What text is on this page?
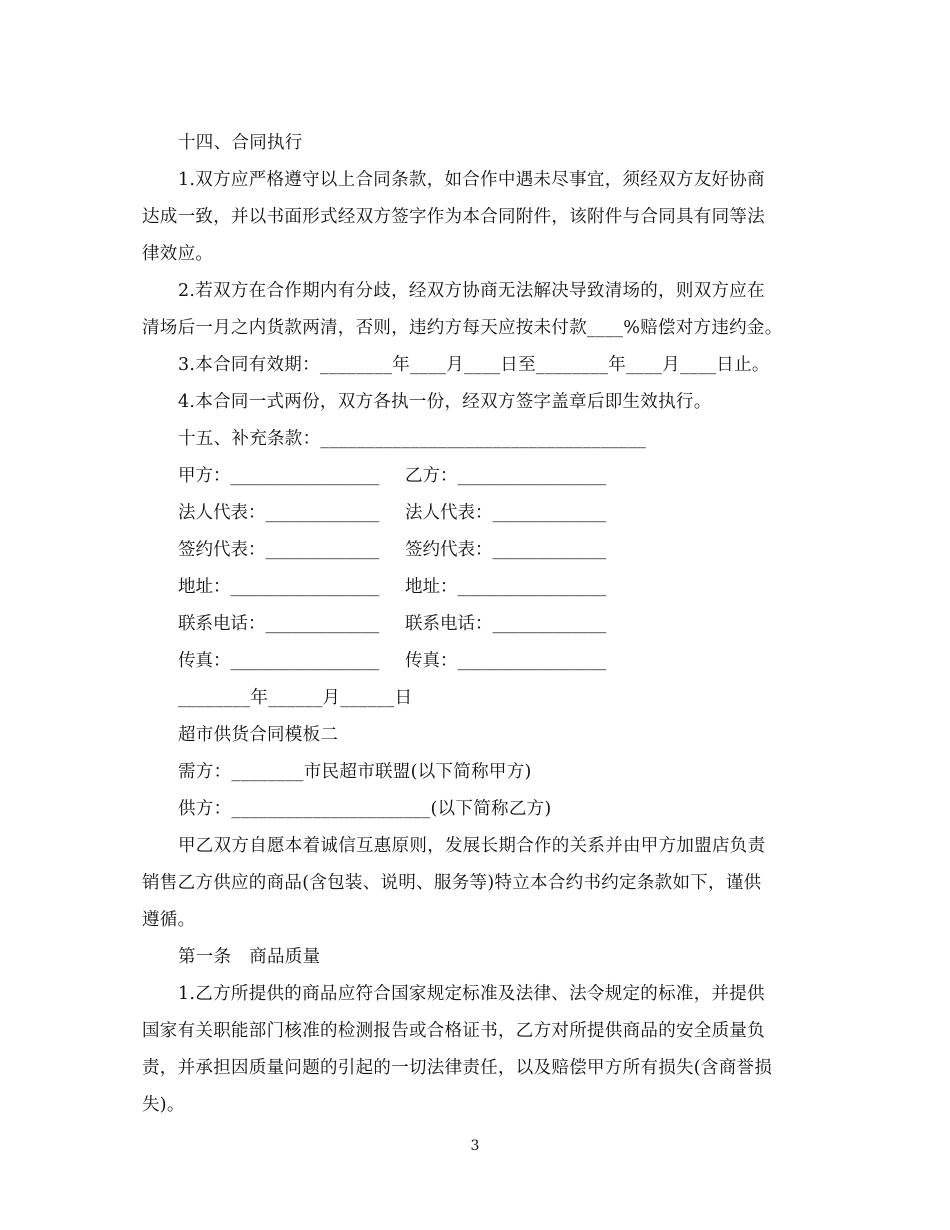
十四、合同执行
1.双方应严格遵守以上合同条款，如合作中遇未尽事宜，须经双方友好协商
达成一致，并以书面形式经双方签字作为本合同附件，该附件与合同具有同等法
律效应。
2.若双方在合作期内有分歧，经双方协商无法解决导致清场的，则双方应在
清场后一月之内货款两清，否则，违约方每天应按未付款____%赔偿对方违约金。
3.本合同有效期：________年____月____日至________年____月____日止。
4.本合同一式两份，双方各执一份，经双方签字盖章后即生效执行。
十五、补充条款：____________________________________
甲方：_________________ 乙方：_________________
法人代表：_____________ 法人代表：_____________
签约代表：_____________ 签约代表：_____________
地址：_________________ 地址：_________________
联系电话：_____________ 联系电话：_____________
传真：_________________ 传真：_________________
________年______月______日
超市供货合同模板二
需方：________市民超市联盟(以下简称甲方)
供方：______________________(以下简称乙方)
甲乙双方自愿本着诚信互惠原则，发展长期合作的关系并由甲方加盟店负责
销售乙方供应的商品(含包装、说明、服务等)特立本合约书约定条款如下，谨供
遵循。
第一条　商品质量
1.乙方所提供的商品应符合国家规定标准及法律、法令规定的标准，并提供
国家有关职能部门核准的检测报告或合格证书，乙方对所提供商品的安全质量负
责，并承担因质量问题的引起的一切法律责任，以及赔偿甲方所有损失(含商誉损
失)。
3
